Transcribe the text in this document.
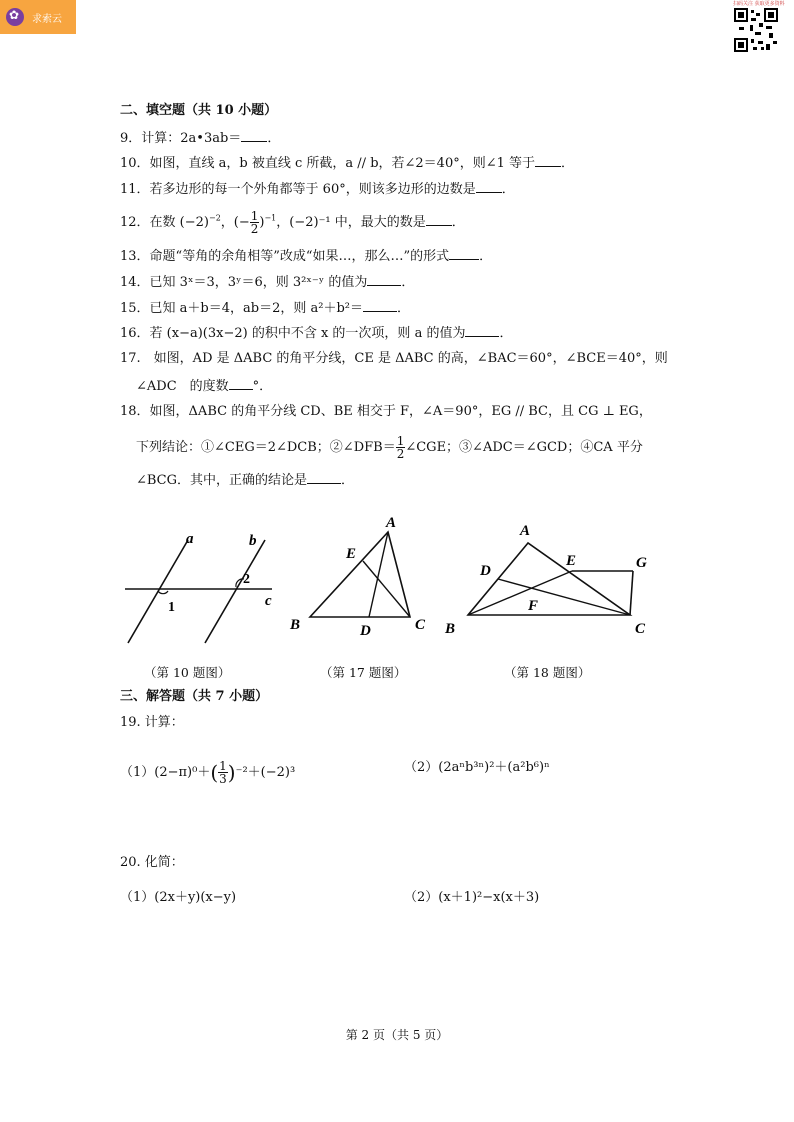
✿
求索云
扫码关注 获取更多资料
二、填空题（共 10 小题）
9．计算：2a•3ab＝ ．
10．如图，直线 a，b 被直线 c 所截，a // b，若∠2＝40°，则∠1 等于 ．
11．若多边形的每一个外角都等于 60°，则该多边形的边数是 ．
12．在数 $(-2)^{-2}$，(− $\frac{1}{2} )^{-1}$，(−2)⁻¹ 中，最大的数是 ．
13．命题“等角的余角相等”改成“如果…，那么…”的形式 ．
14．已知 3ˣ＝3，3ʸ＝6，则 3²ˣ⁻ʸ 的值为	．
15．已知 a＋b＝4，ab＝2，则 a²＋b²＝	．
16．若 (x−a)(3x−2) 的积中不含 x 的一次项，则 a 的值为	．
17.　如图，AD 是 ΔABC 的角平分线，CE 是 ΔABC 的高，∠BAC＝60°，∠BCE＝40°，则
∠ADC　的度数 °．
18．如图，ΔABC 的角平分线 CD、BE 相交于 F，∠A＝90°，EG // BC，且 CG ⊥ EG，
下列结论：①∠CEG＝2∠DCB；②∠DFB＝ $\frac{1}{2}$ ∠CGE；③∠ADC＝∠GCD；④CA 平分
∠BCG．其中，正确的结论是	．
a	b
c
1
2
A
E
B	D	C
A
E	G
D
F
B	C
（第 10 题图）	（第 17 题图）	（第 18 题图）
三、解答题（共 7 小题）
19. 计算：
$(1)(2-\pi)^0+( \frac{1}{3} )^{-2}+(-2)^3$	（2）(2aⁿb³ⁿ)²＋(a²b⁶)ⁿ
20. 化简：
（1）(2x＋y)(x−y)	（2）(x＋1)²−x(x＋3)
第 2 页（共 5 页）
